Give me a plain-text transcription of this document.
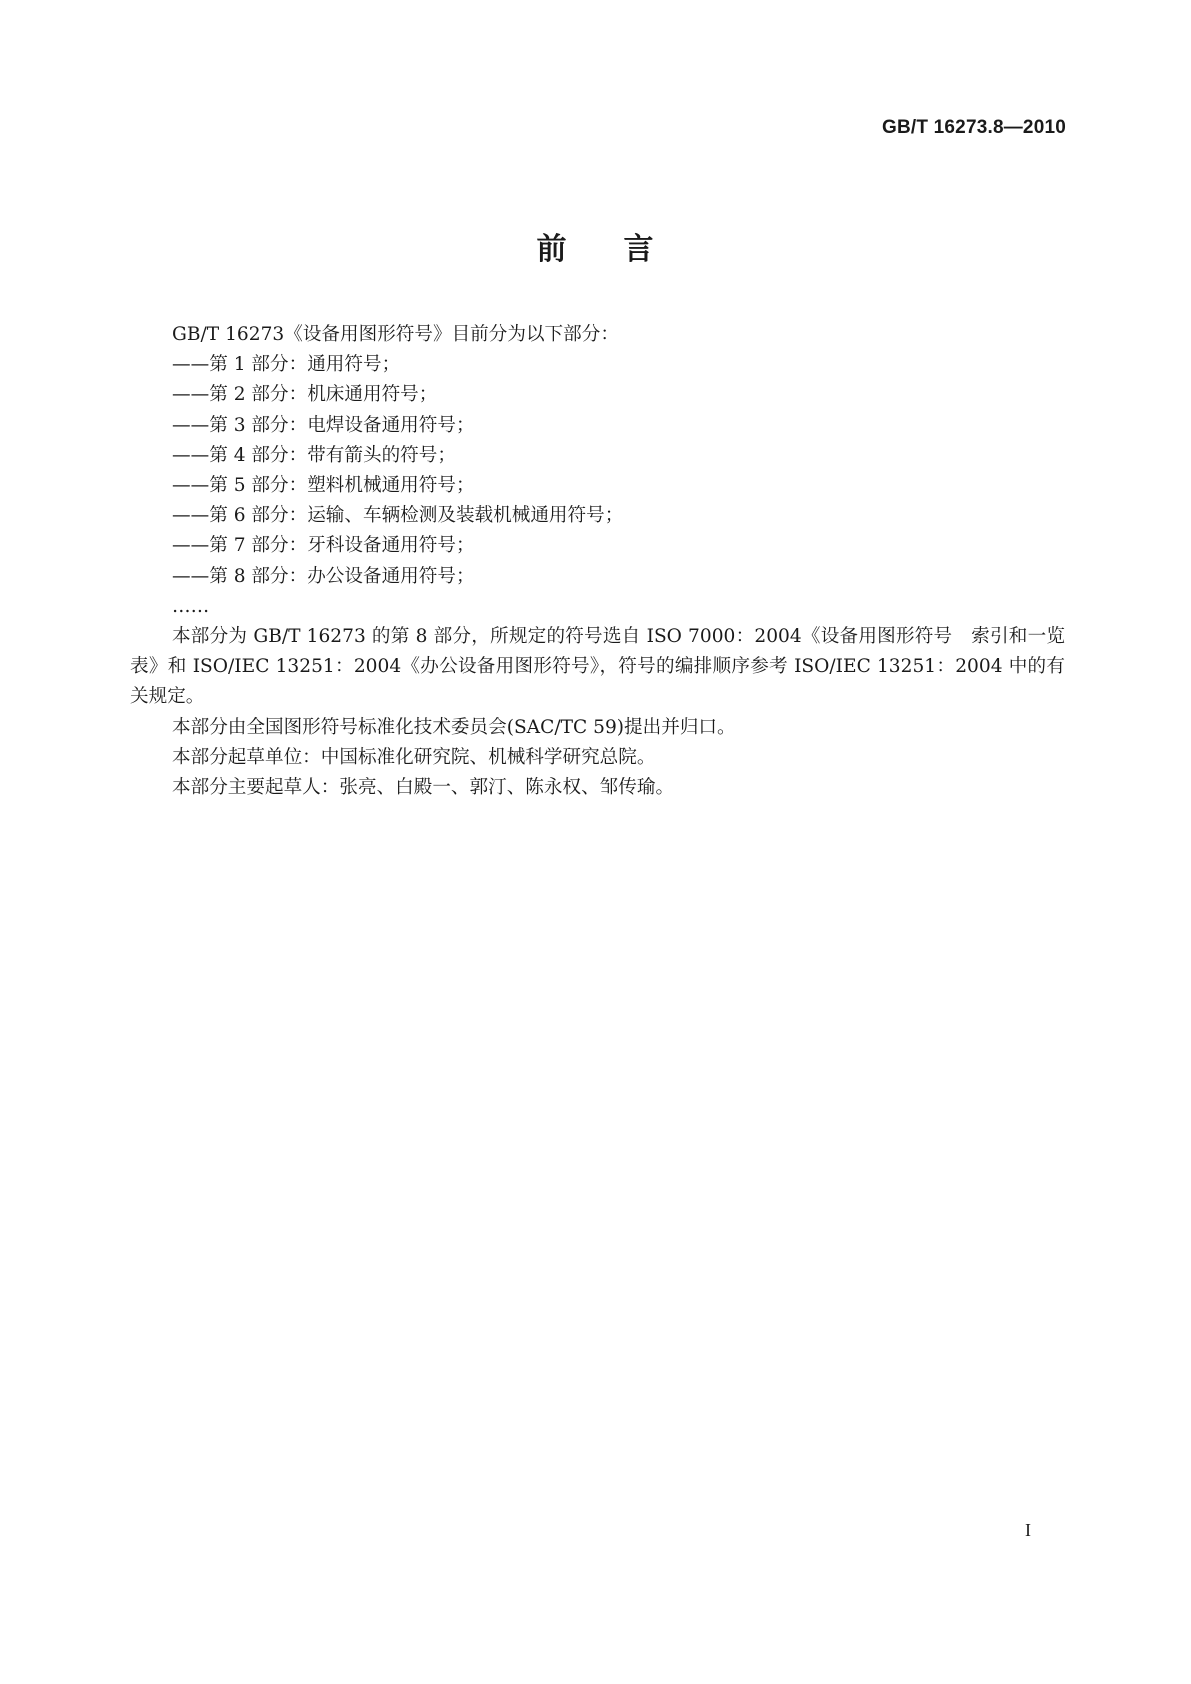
GB/T 16273.8—2010
前 言

GB/T 16273《设备用图形符号》目前分为以下部分：

——第 1 部分：通用符号；

——第 2 部分：机床通用符号；

——第 3 部分：电焊设备通用符号；

——第 4 部分：带有箭头的符号；

——第 5 部分：塑料机械通用符号；

——第 6 部分：运输、车辆检测及装载机械通用符号；

——第 7 部分：牙科设备通用符号；

——第 8 部分：办公设备通用符号；

……

本部分为 GB/T 16273 的第 8 部分，所规定的符号选自 ISO 7000：2004《设备用图形符号　索引和一览表》和 ISO/IEC 13251：2004《办公设备用图形符号》，符号的编排顺序参考 ISO/IEC 13251：2004 中的有关规定。

本部分由全国图形符号标准化技术委员会(SAC/TC 59)提出并归口。

本部分起草单位：中国标准化研究院、机械科学研究总院。

本部分主要起草人：张亮、白殿一、郭汀、陈永权、邹传瑜。

I
